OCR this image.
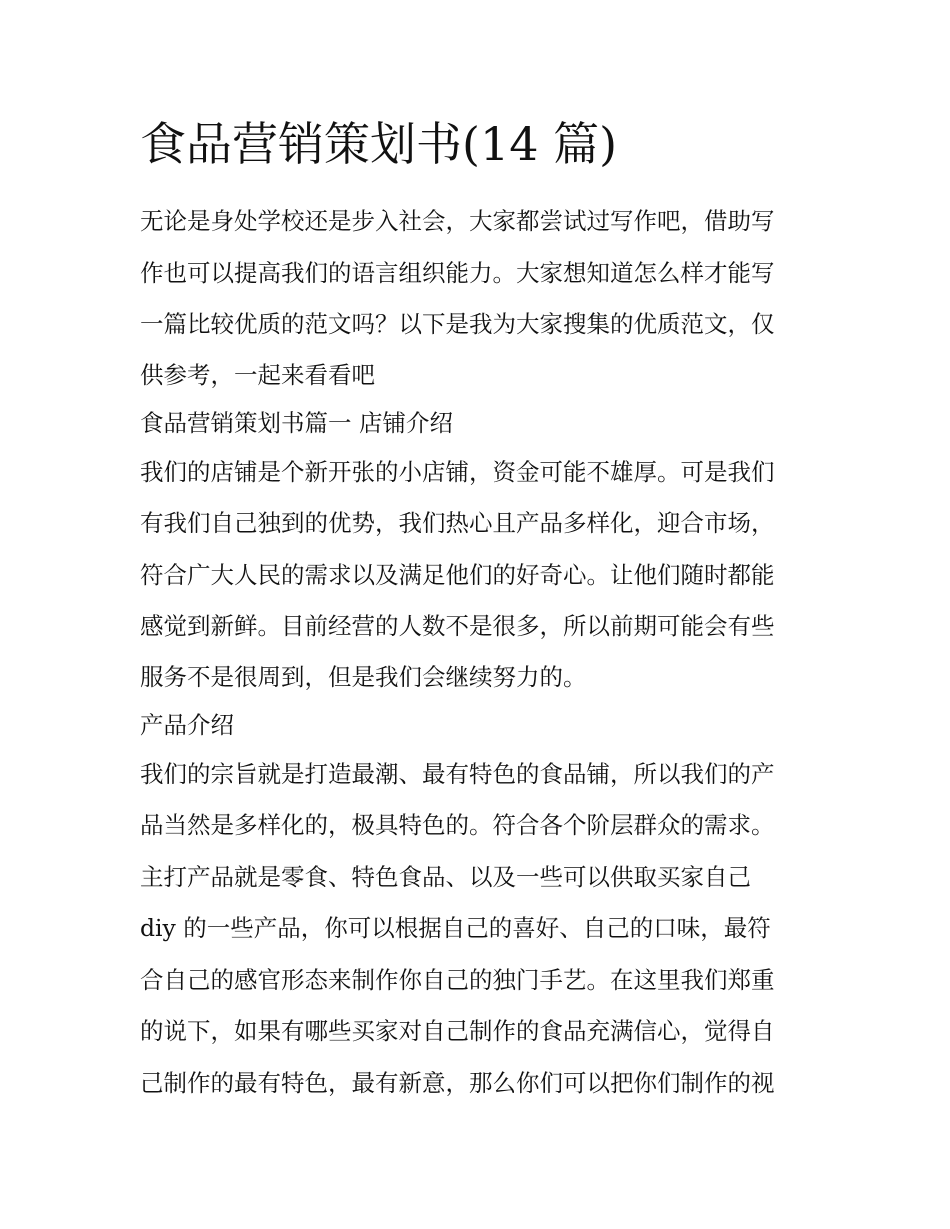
食品营销策划书(14 篇)
无论是身处学校还是步入社会，大家都尝试过写作吧，借助写
作也可以提高我们的语言组织能力。大家想知道怎么样才能写
一篇比较优质的范文吗？以下是我为大家搜集的优质范文，仅
供参考，一起来看看吧
食品营销策划书篇一 店铺介绍
我们的店铺是个新开张的小店铺，资金可能不雄厚。可是我们
有我们自己独到的优势，我们热心且产品多样化，迎合市场，
符合广大人民的需求以及满足他们的好奇心。让他们随时都能
感觉到新鲜。目前经营的人数不是很多，所以前期可能会有些
服务不是很周到，但是我们会继续努力的。
产品介绍
我们的宗旨就是打造最潮、最有特色的食品铺，所以我们的产
品当然是多样化的，极具特色的。符合各个阶层群众的需求。
主打产品就是零食、特色食品、以及一些可以供取买家自己
diy 的一些产品，你可以根据自己的喜好、自己的口味，最符
合自己的感官形态来制作你自己的独门手艺。在这里我们郑重
的说下，如果有哪些买家对自己制作的食品充满信心，觉得自
己制作的最有特色，最有新意，那么你们可以把你们制作的视
